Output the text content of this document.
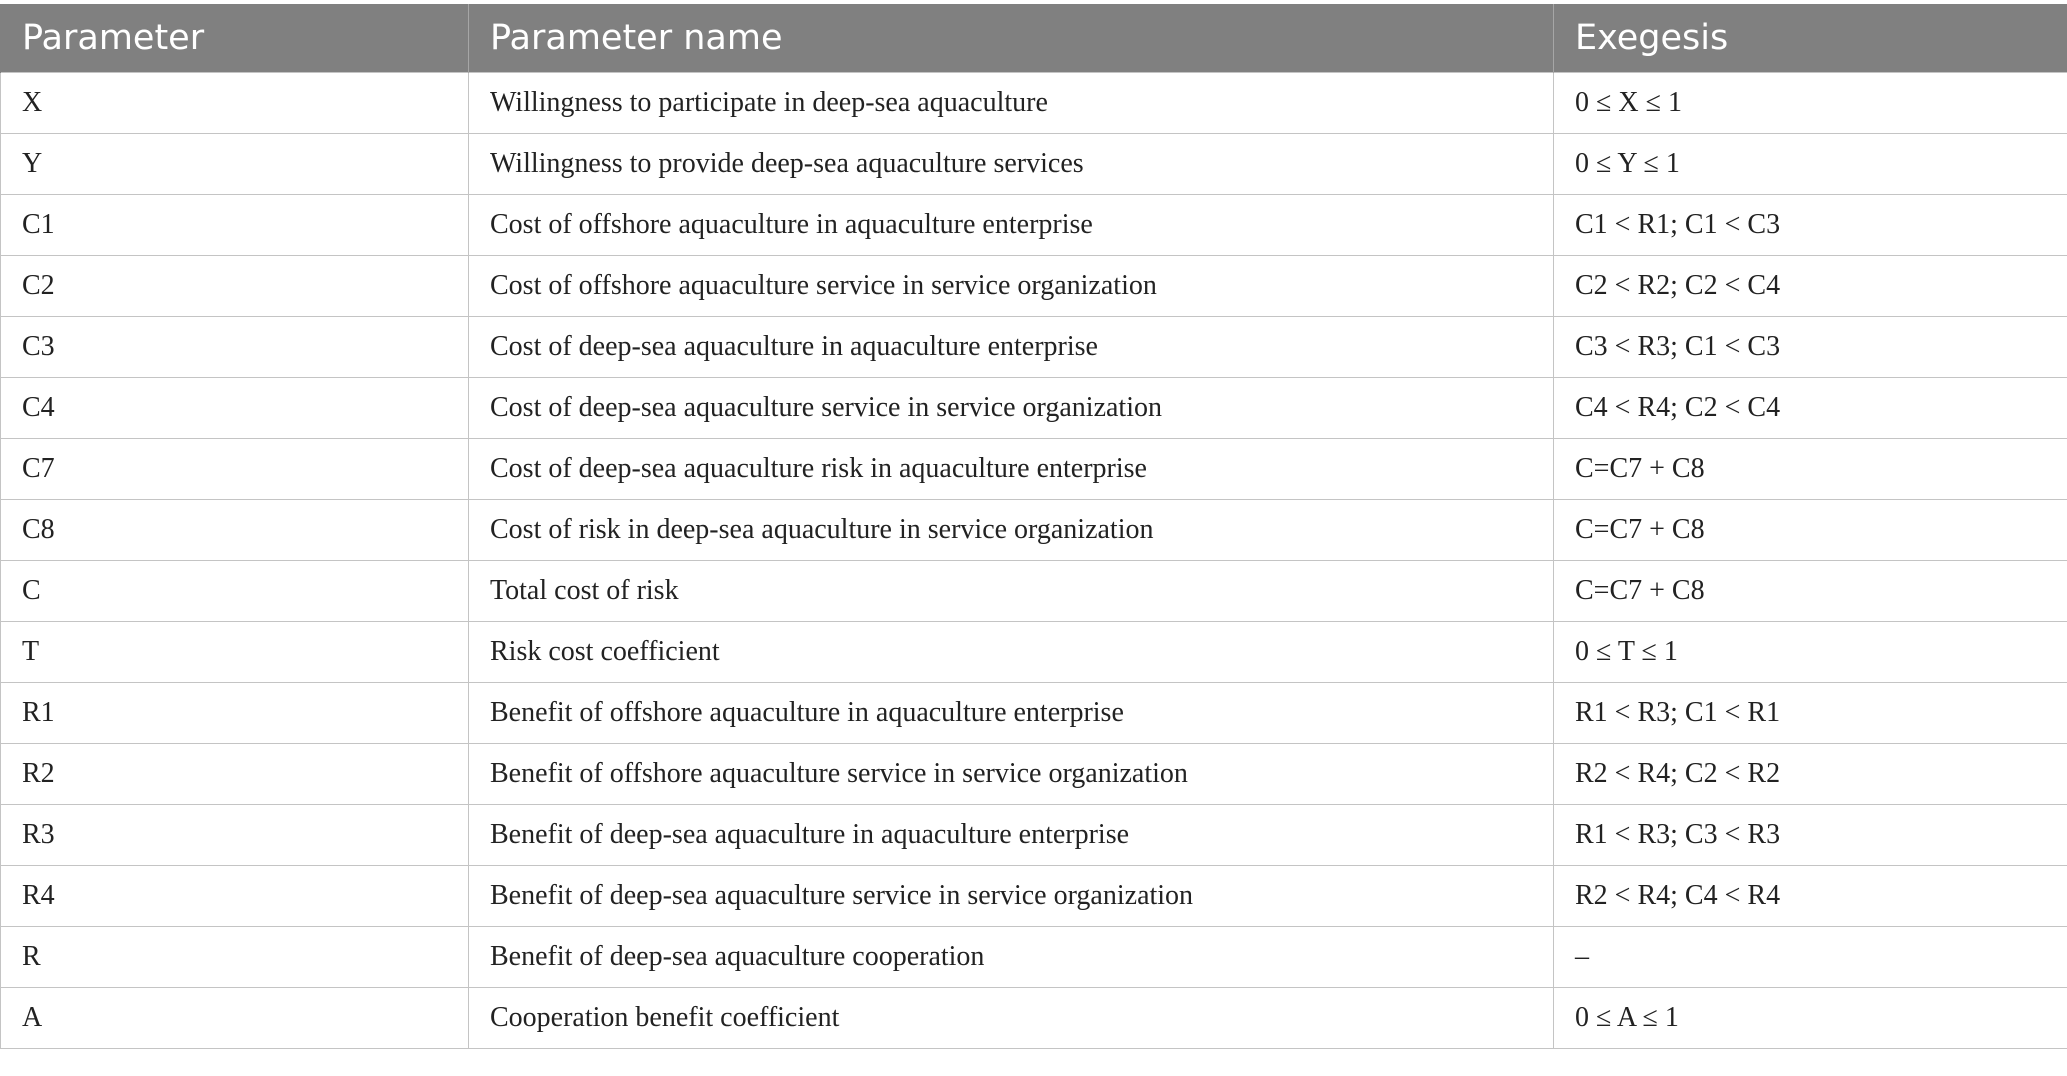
Parameter	Parameter name	Exegesis
X	Willingness to participate in deep-sea aquaculture	0 ≤ X ≤ 1
Y	Willingness to provide deep-sea aquaculture services	0 ≤ Y ≤ 1
C1	Cost of offshore aquaculture in aquaculture enterprise	C1 < R1; C1 < C3
C2	Cost of offshore aquaculture service in service organization	C2 < R2; C2 < C4
C3	Cost of deep-sea aquaculture in aquaculture enterprise	C3 < R3; C1 < C3
C4	Cost of deep-sea aquaculture service in service organization	C4 < R4; C2 < C4
C7	Cost of deep-sea aquaculture risk in aquaculture enterprise	C=C7 + C8
C8	Cost of risk in deep-sea aquaculture in service organization	C=C7 + C8
C	Total cost of risk	C=C7 + C8
T	Risk cost coefficient	0 ≤ T ≤ 1
R1	Benefit of offshore aquaculture in aquaculture enterprise	R1 < R3; C1 < R1
R2	Benefit of offshore aquaculture service in service organization	R2 < R4; C2 < R2
R3	Benefit of deep-sea aquaculture in aquaculture enterprise	R1 < R3; C3 < R3
R4	Benefit of deep-sea aquaculture service in service organization	R2 < R4; C4 < R4
R	Benefit of deep-sea aquaculture cooperation	–
A	Cooperation benefit coefficient	0 ≤ A ≤ 1
